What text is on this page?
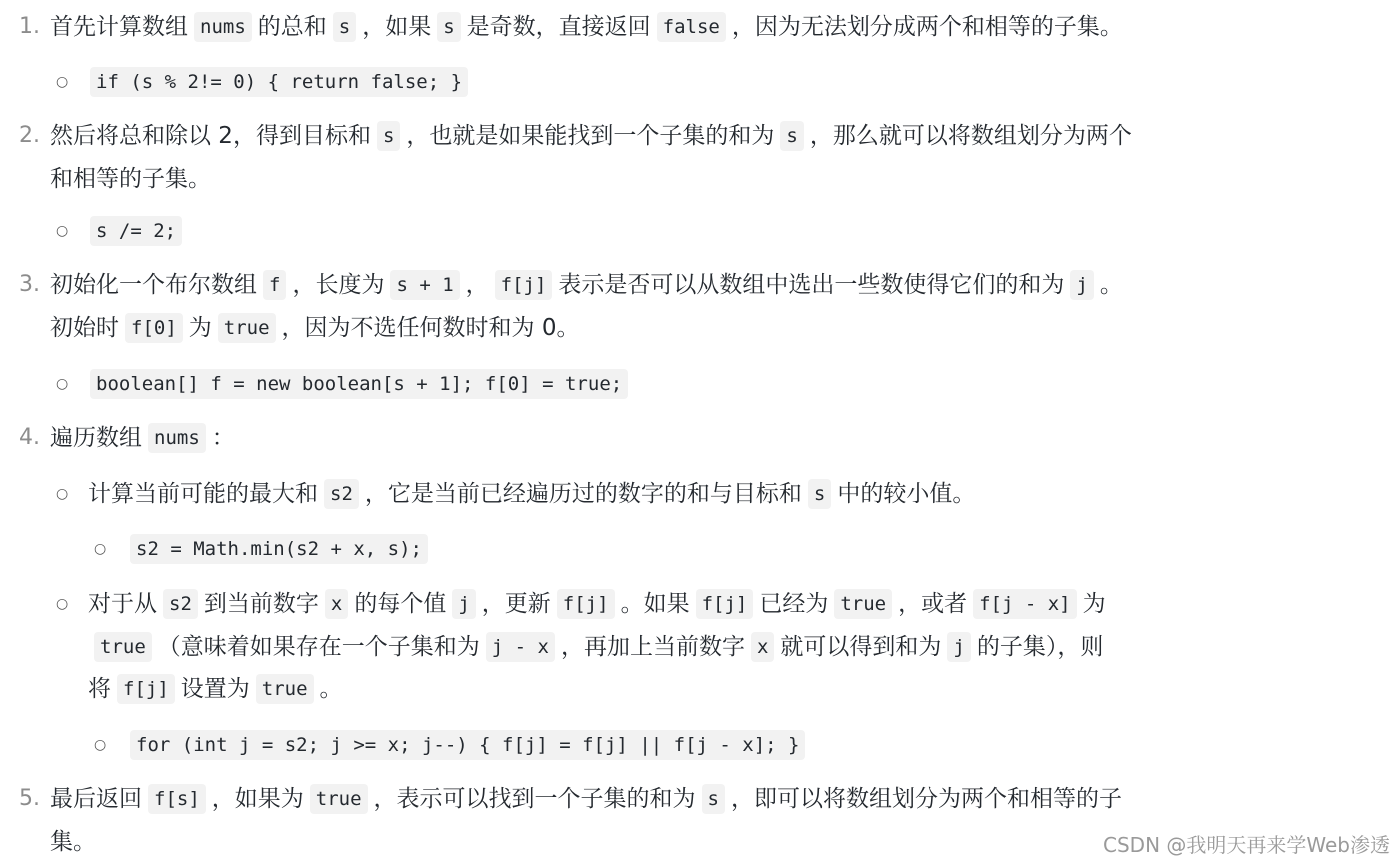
1. 首先计算数组 nums 的总和 s ，如果 s 是奇数，直接返回 false ，因为无法划分成两个和相等的子集。
○	if (s % 2!= 0) { return false; }
2. 然后将总和除以 2，得到目标和 s ，也就是如果能找到一个子集的和为 s ，那么就可以将数组划分为两个
和相等的子集。
○	s /= 2;
3. 初始化一个布尔数组 f ，长度为 s + 1 ， f[j] 表示是否可以从数组中选出一些数使得它们的和为 j 。
初始时 f[0] 为 true ，因为不选任何数时和为 0。
○	boolean[] f = new boolean[s + 1]; f[0] = true;
4. 遍历数组 nums ：
○ 计算当前可能的最大和 s2 ，它是当前已经遍历过的数字的和与目标和 s 中的较小值。
○	s2 = Math.min(s2 + x, s);
○ 对于从 s2 到当前数字 x 的每个值 j ，更新 f[j] 。如果 f[j] 已经为 true ，或者 f[j - x] 为
true （意味着如果存在一个子集和为 j - x ，再加上当前数字 x 就可以得到和为 j 的子集），则
将 f[j] 设置为 true 。
○	for (int j = s2; j >= x; j--) { f[j] = f[j] || f[j - x]; }
5. 最后返回 f[s] ，如果为 true ，表示可以找到一个子集的和为 s ，即可以将数组划分为两个和相等的子
集。	CSDN @我明天再来学Web渗透
